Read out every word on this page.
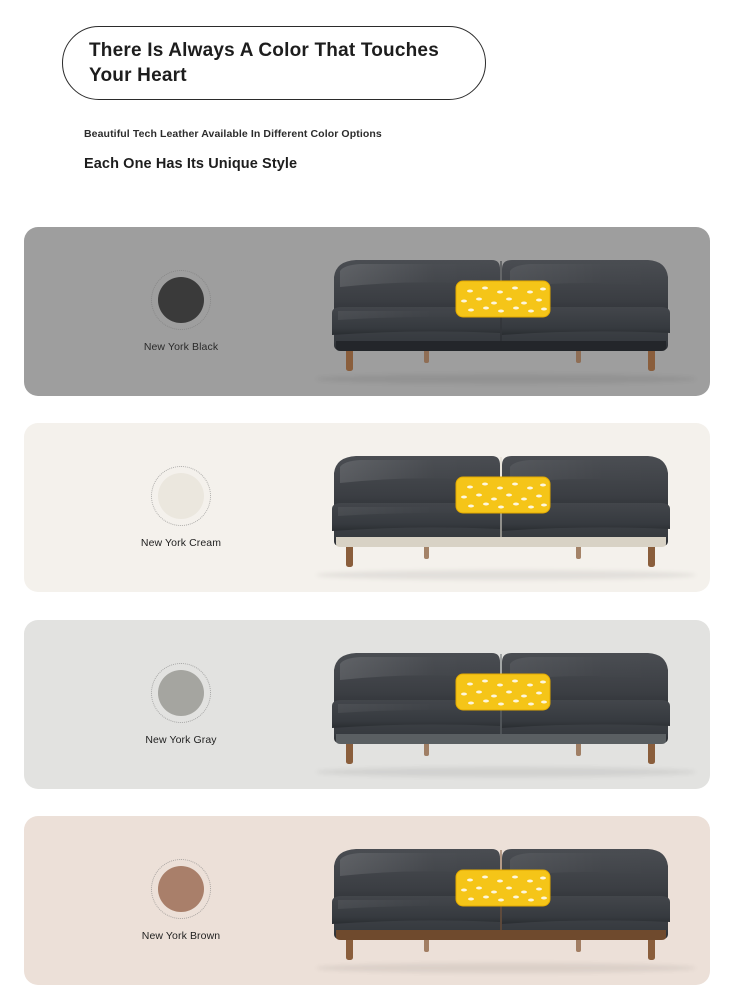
There Is Always A Color That Touches Your Heart
Beautiful Tech Leather Available In Different Color Options
Each One Has Its Unique Style
New York Black
New York Cream
New York Gray
New York Brown
